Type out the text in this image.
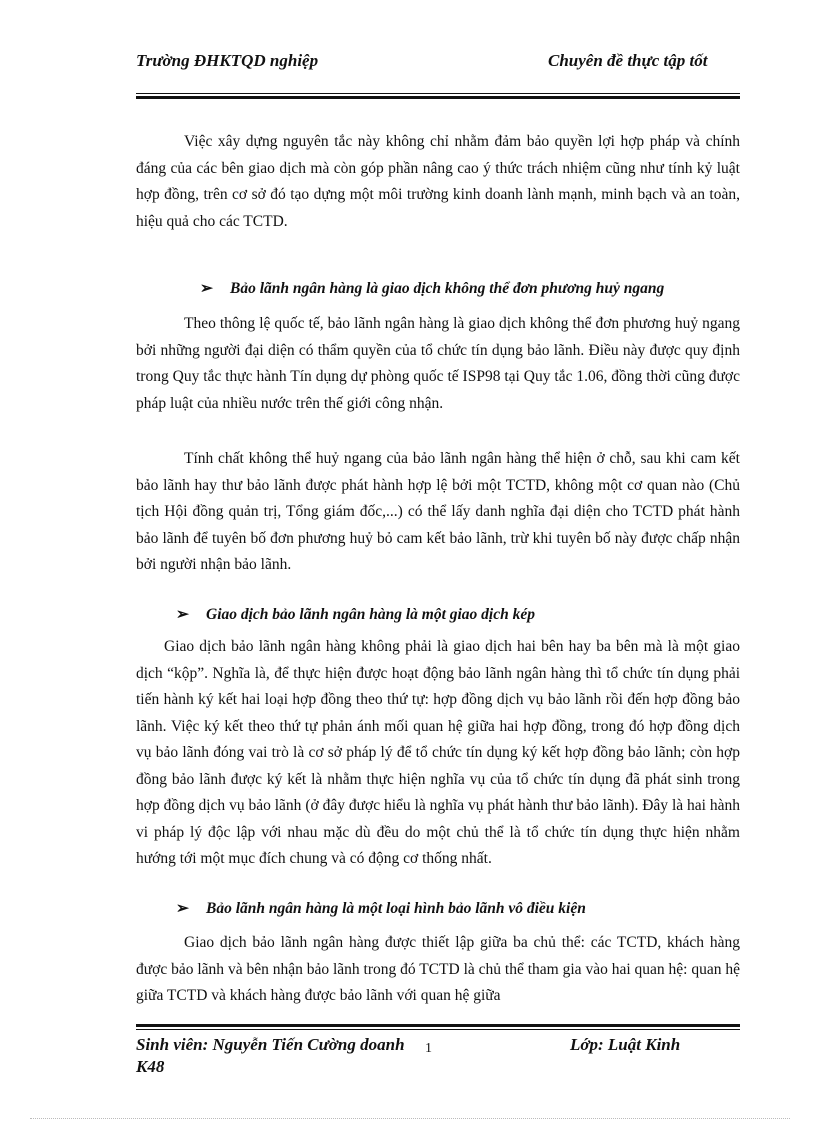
Trường ĐHKTQD nghiệp	Chuyên đề thực tập tốt

Việc xây dựng nguyên tắc này không chỉ nhằm đảm bảo quyền lợi hợp pháp và chính đáng của các bên giao dịch mà còn góp phần nâng cao ý thức trách nhiệm cũng như tính kỷ luật hợp đồng, trên cơ sở đó tạo dựng một môi trường kinh doanh lành mạnh, minh bạch và an toàn, hiệu quả cho các TCTD.

➢ Bảo lãnh ngân hàng là giao dịch không thể đơn phương huỷ ngang

Theo thông lệ quốc tế, bảo lãnh ngân hàng là giao dịch không thể đơn phương huỷ ngang bởi những người đại diện có thẩm quyền của tổ chức tín dụng bảo lãnh. Điều này được quy định trong Quy tắc thực hành Tín dụng dự phòng quốc tế ISP98 tại Quy tắc 1.06, đồng thời cũng được pháp luật của nhiều nước trên thế giới công nhận.

Tính chất không thể huỷ ngang của bảo lãnh ngân hàng thể hiện ở chỗ, sau khi cam kết bảo lãnh hay thư bảo lãnh được phát hành hợp lệ bởi một TCTD, không một cơ quan nào (Chủ tịch Hội đồng quản trị, Tổng giám đốc,...) có thể lấy danh nghĩa đại diện cho TCTD phát hành bảo lãnh để tuyên bố đơn phương huỷ bỏ cam kết bảo lãnh, trừ khi tuyên bố này được chấp nhận bởi người nhận bảo lãnh.

➢ Giao dịch bảo lãnh ngân hàng là một giao dịch kép

Giao dịch bảo lãnh ngân hàng không phải là giao dịch hai bên hay ba bên mà là một giao dịch “kộp”. Nghĩa là, để thực hiện được hoạt động bảo lãnh ngân hàng thì tổ chức tín dụng phải tiến hành ký kết hai loại hợp đồng theo thứ tự: hợp đồng dịch vụ bảo lãnh rồi đến hợp đồng bảo lãnh. Việc ký kết theo thứ tự phản ánh mối quan hệ giữa hai hợp đồng, trong đó hợp đồng dịch vụ bảo lãnh đóng vai trò là cơ sở pháp lý để tổ chức tín dụng ký kết hợp đồng bảo lãnh; còn hợp đồng bảo lãnh được ký kết là nhằm thực hiện nghĩa vụ của tổ chức tín dụng đã phát sinh trong hợp đồng dịch vụ bảo lãnh (ở đây được hiểu là nghĩa vụ phát hành thư bảo lãnh). Đây là hai hành vi pháp lý độc lập với nhau mặc dù đều do một chủ thể là tổ chức tín dụng thực hiện nhằm hướng tới một mục đích chung và có động cơ thống nhất.

➢ Bảo lãnh ngân hàng là một loại hình bảo lãnh vô điều kiện

Giao dịch bảo lãnh ngân hàng được thiết lập giữa ba chủ thể: các TCTD, khách hàng được bảo lãnh và bên nhận bảo lãnh trong đó TCTD là chủ thể tham gia vào hai quan hệ: quan hệ giữa TCTD và khách hàng được bảo lãnh với quan hệ giữa

Sinh viên: Nguyễn Tiến Cường doanh K48
1	Lớp: Luật Kinh
